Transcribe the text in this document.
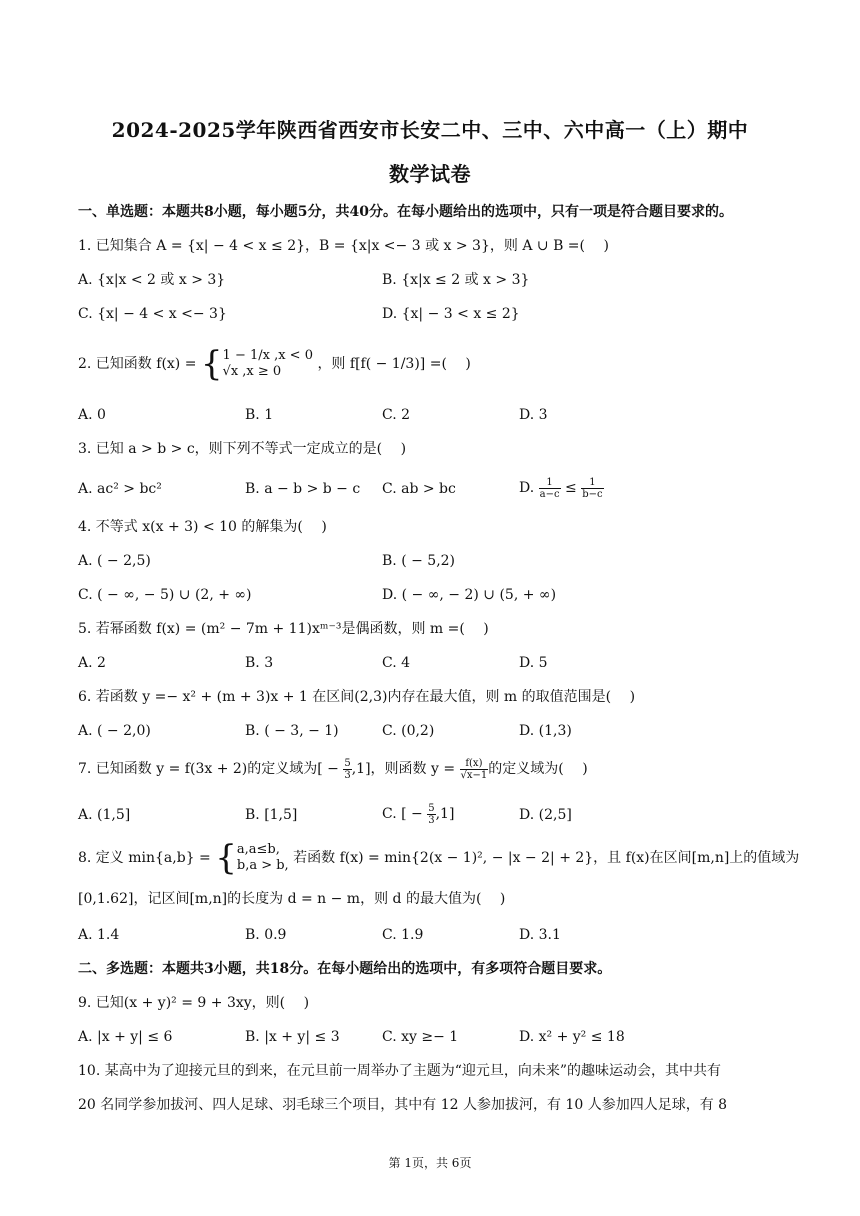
2024-2025学年陕西省西安市长安二中、三中、六中高一（上）期中
数学试卷
一、单选题：本题共8小题，每小题5分，共40分。在每小题给出的选项中，只有一项是符合题目要求的。
1. 已知集合 A = {x| − 4 < x ≤ 2}，B = {x|x <− 3 或 x > 3}，则 A ∪ B =(　 )
A. {x|x < 2 或 x > 3}	B. {x|x ≤ 2 或 x > 3}
C. {x| − 4 < x <− 3}	D. {x| − 3 < x ≤ 2}
2. 已知函数 f(x) = { 1 − 1/x ,x < 0
√x ,x ≥ 0	，则 f[f( − 1/3)] =(　 )
A. 0	B. 1	C. 2	D. 3
3. 已知 a > b > c，则下列不等式一定成立的是(　 )
A. ac² > bc²	B. a − b > b − c C. ab > bc	D. $\frac{1}{a-c} \le \frac{1}{b-c}$
4. 不等式 x(x + 3) < 10 的解集为(　 )
A. ( − 2,5)	B. ( − 5,2)
C. ( − ∞, − 5) ∪ (2, + ∞)	D. ( − ∞, − 2) ∪ (5, + ∞)
5. 若幂函数 f(x) = (m² − 7m + 11)xᵐ⁻³是偶函数，则 m =(　 )
A. 2	B. 3	C. 4	D. 5
6. 若函数 y =− x² + (m + 3)x + 1 在区间(2,3)内存在最大值，则 m 的取值范围是(　 )
A. ( − 2,0)	B. ( − 3, − 1)	C. (0,2)	D. (1,3)
7. 已知函数 y = f(3x + 2)的定义域为[ − $\frac{5}{3} ,1$]，则函数 $y = \frac{f(x)}{√x-1}$ 的定义域为(　 )
A. (1,5]	B. [1,5]	C. [ − $\frac{5}{3} ,1$]	D. (2,5]
8. 定义 min{a,b} = { a,a≤b,
b,a > b, 若函数 f(x) = min{2(x − 1)², − |x − 2| + 2}，且 f(x)在区间[m,n]上的值域为
[0,1.62]，记区间[m,n]的长度为 d = n − m，则 d 的最大值为(　 )
A. 1.4	B. 0.9	C. 1.9	D. 3.1
二、多选题：本题共3小题，共18分。在每小题给出的选项中，有多项符合题目要求。
9. 已知(x + y)² = 9 + 3xy，则(　 )
A. |x + y| ≤ 6	B. |x + y| ≤ 3	C. xy ≥− 1	D. x² + y² ≤ 18
10. 某高中为了迎接元旦的到来，在元旦前一周举办了主题为“迎元旦，向未来”的趣味运动会，其中共有
20 名同学参加拔河、四人足球、羽毛球三个项目，其中有 12 人参加拔河，有 10 人参加四人足球，有 8
第 1页，共 6页
